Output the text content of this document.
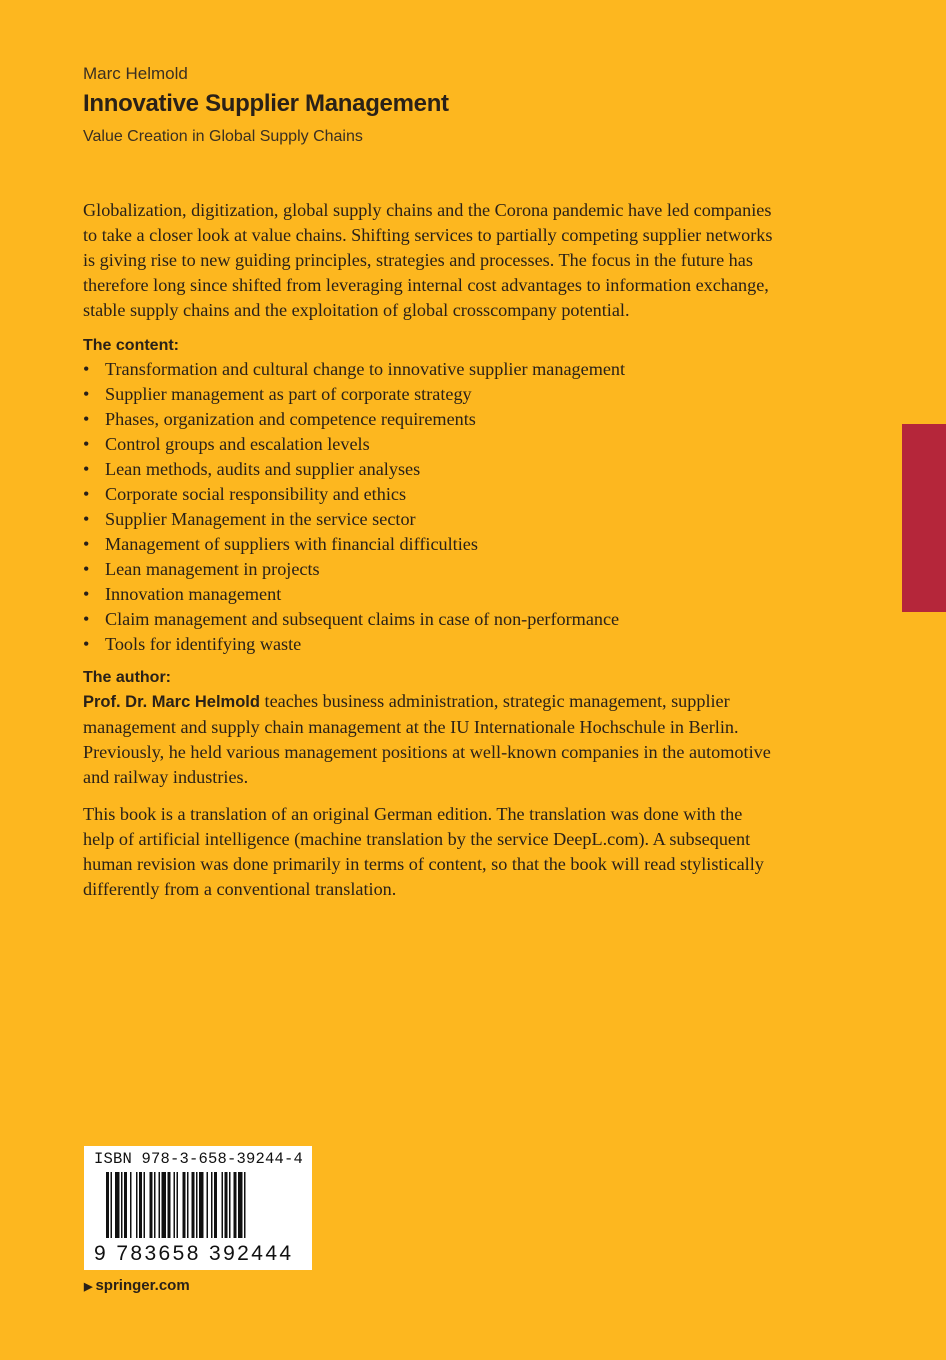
Marc Helmold
Innovative Supplier Management
Value Creation in Global Supply Chains

Globalization, digitization, global supply chains and the Corona pandemic have led companies to take a closer look at value chains. Shifting services to partially competing supplier networks is giving rise to new guiding principles, strategies and processes. The focus in the future has therefore long since shifted from leveraging internal cost advantages to information exchange, stable supply chains and the exploitation of global crosscompany potential.

The content:
• Transformation and cultural change to innovative supplier management
• Supplier management as part of corporate strategy
• Phases, organization and competence requirements
• Control groups and escalation levels
• Lean methods, audits and supplier analyses
• Corporate social responsibility and ethics
• Supplier Management in the service sector
• Management of suppliers with financial difficulties
• Lean management in projects
• Innovation management
• Claim management and subsequent claims in case of non-performance
• Tools for identifying waste
The author:

Prof. Dr. Marc Helmold teaches business administration, strategic management, supplier management and supply chain management at the IU Internationale Hochschule in Berlin. Previously, he held various management positions at well-known companies in the automotive and railway industries.

This book is a translation of an original German edition. The translation was done with the help of artificial intelligence (machine translation by the service DeepL.com). A subsequent human revision was done primarily in terms of content, so that the book will read stylistically differently from a conventional translation.

ISBN 978-3-658-39244-4
9 783658 392444
▶ springer.com
